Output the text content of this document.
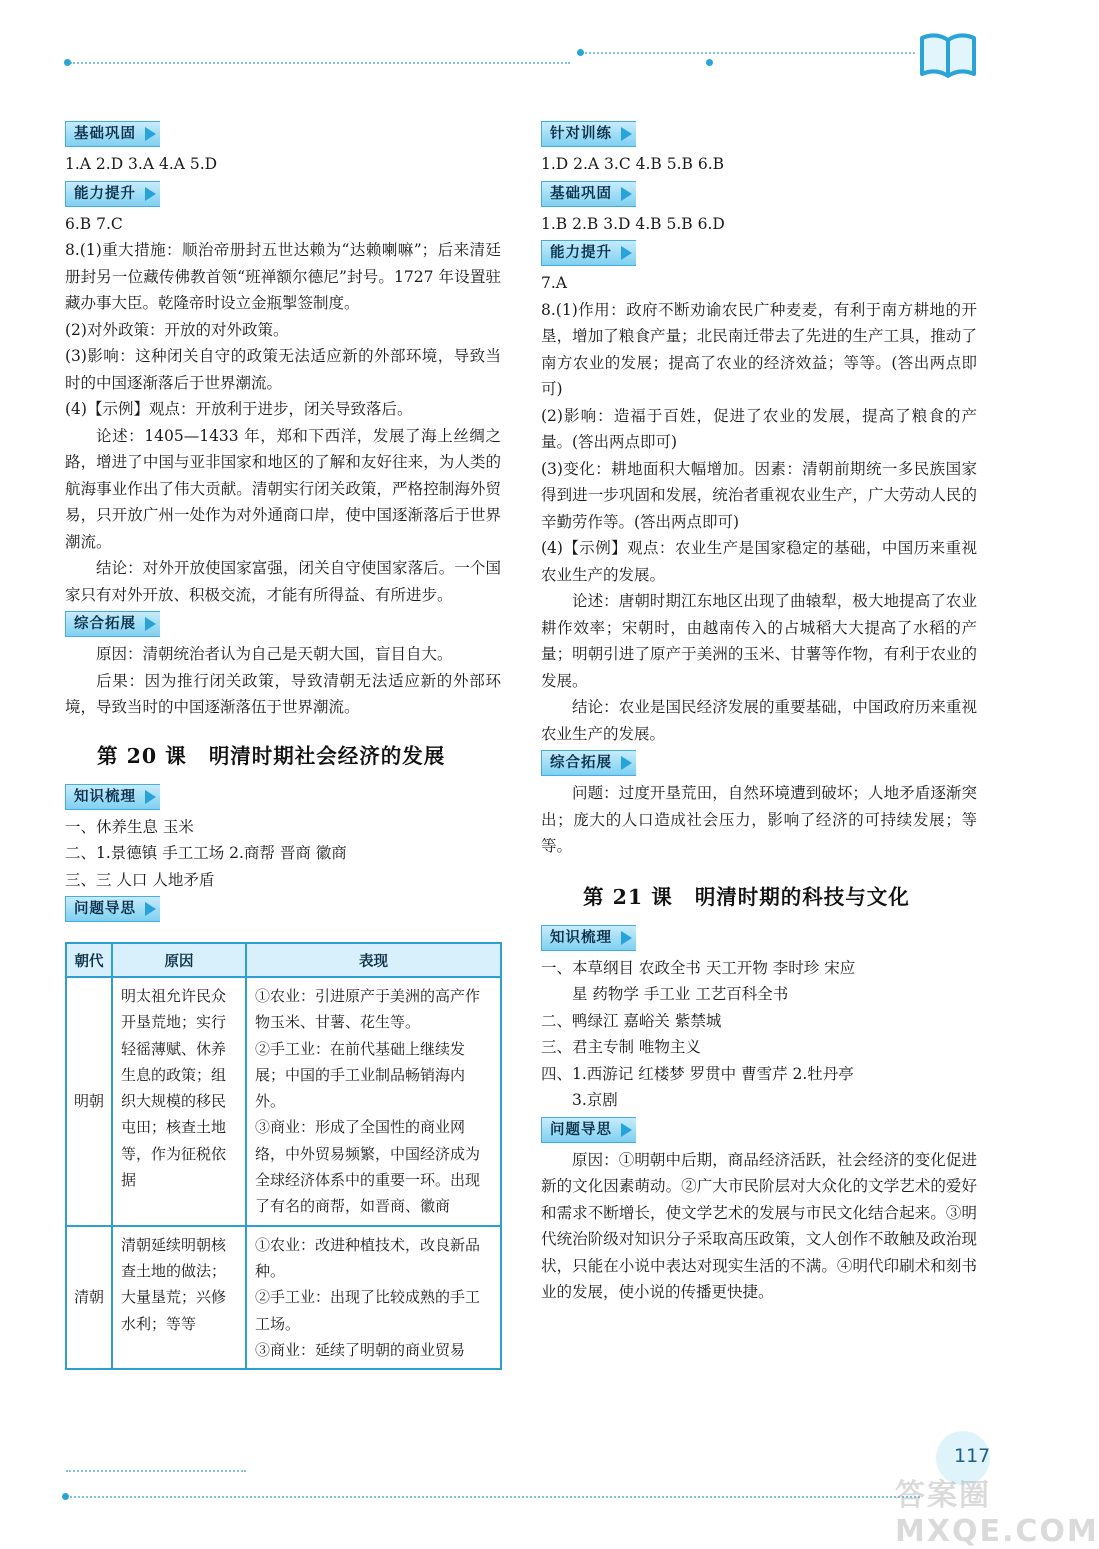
基础巩固

1.A 2.D 3.A 4.A 5.D

能力提升

6.B 7.C

8.(1)重大措施：顺治帝册封五世达赖为“达赖喇嘛”；后来清廷册封另一位藏传佛教首领“班禅额尔德尼”封号。1727 年设置驻藏办事大臣。乾隆帝时设立金瓶掣签制度。

(2)对外政策：开放的对外政策。

(3)影响：这种闭关自守的政策无法适应新的外部环境，导致当时的中国逐渐落后于世界潮流。

(4)【示例】观点：开放利于进步，闭关导致落后。

论述：1405—1433 年，郑和下西洋，发展了海上丝绸之路，增进了中国与亚非国家和地区的了解和友好往来，为人类的航海事业作出了伟大贡献。清朝实行闭关政策，严格控制海外贸易，只开放广州一处作为对外通商口岸，使中国逐渐落后于世界潮流。

结论：对外开放使国家富强，闭关自守使国家落后。一个国家只有对外开放、积极交流，才能有所得益、有所进步。

综合拓展

原因：清朝统治者认为自己是天朝大国，盲目自大。

后果：因为推行闭关政策，导致清朝无法适应新的外部环境，导致当时的中国逐渐落伍于世界潮流。

第 20 课 明清时期社会经济的发展
知识梳理

一、休养生息 玉米

二、1.景德镇 手工工场 2.商帮 晋商 徽商

三、三 人口 人地矛盾

问题导思
朝代	原因	表现
明朝	明太祖允许民众开垦荒地；实行轻徭薄赋、休养生息的政策；组织大规模的移民屯田；核查土地等，作为征税依据	①农业：引进原产于美洲的高产作物玉米、甘薯、花生等。
②手工业：在前代基础上继续发展；中国的手工业制品畅销海内外。
③商业：形成了全国性的商业网络，中外贸易频繁，中国经济成为全球经济体系中的重要一环。出现了有名的商帮，如晋商、徽商

清朝	清朝延续明朝核查土地的做法；大量垦荒；兴修水利；等等	①农业：改进种植技术，改良新品种。
②手工业：出现了比较成熟的手工工场。
③商业：延续了明朝的商业贸易
针对训练

1.D 2.A 3.C 4.B 5.B 6.B

基础巩固

1.B 2.B 3.D 4.B 5.B 6.D

能力提升

7.A

8.(1)作用：政府不断劝谕农民广种麦麦，有利于南方耕地的开垦，增加了粮食产量；北民南迁带去了先进的生产工具，推动了南方农业的发展；提高了农业的经济效益；等等。(答出两点即可)

(2)影响：造福于百姓，促进了农业的发展，提高了粮食的产量。(答出两点即可)

(3)变化：耕地面积大幅增加。因素：清朝前期统一多民族国家得到进一步巩固和发展，统治者重视农业生产，广大劳动人民的辛勤劳作等。(答出两点即可)

(4)【示例】观点：农业生产是国家稳定的基础，中国历来重视农业生产的发展。

论述：唐朝时期江东地区出现了曲辕犁，极大地提高了农业耕作效率；宋朝时，由越南传入的占城稻大大提高了水稻的产量；明朝引进了原产于美洲的玉米、甘薯等作物，有利于农业的发展。

结论：农业是国民经济发展的重要基础，中国政府历来重视农业生产的发展。

综合拓展

问题：过度开垦荒田，自然环境遭到破坏；人地矛盾逐渐突出；庞大的人口造成社会压力，影响了经济的可持续发展；等等。

第 21 课 明清时期的科技与文化
知识梳理

一、本草纲目 农政全书 天工开物 李时珍 宋应

星 药物学 手工业 工艺百科全书

二、鸭绿江 嘉峪关 紫禁城

三、君主专制 唯物主义

四、1.西游记 红楼梦 罗贯中 曹雪芹 2.牡丹亭

3.京剧

问题导思

原因：①明朝中后期，商品经济活跃，社会经济的变化促进新的文化因素萌动。②广大市民阶层对大众化的文学艺术的爱好和需求不断增长，使文学艺术的发展与市民文化结合起来。③明代统治阶级对知识分子采取高压政策，文人创作不敢触及政治现状，只能在小说中表达对现实生活的不满。④明代印刷术和刻书业的发展，使小说的传播更快捷。

117
答案圈 MXQE.COM
